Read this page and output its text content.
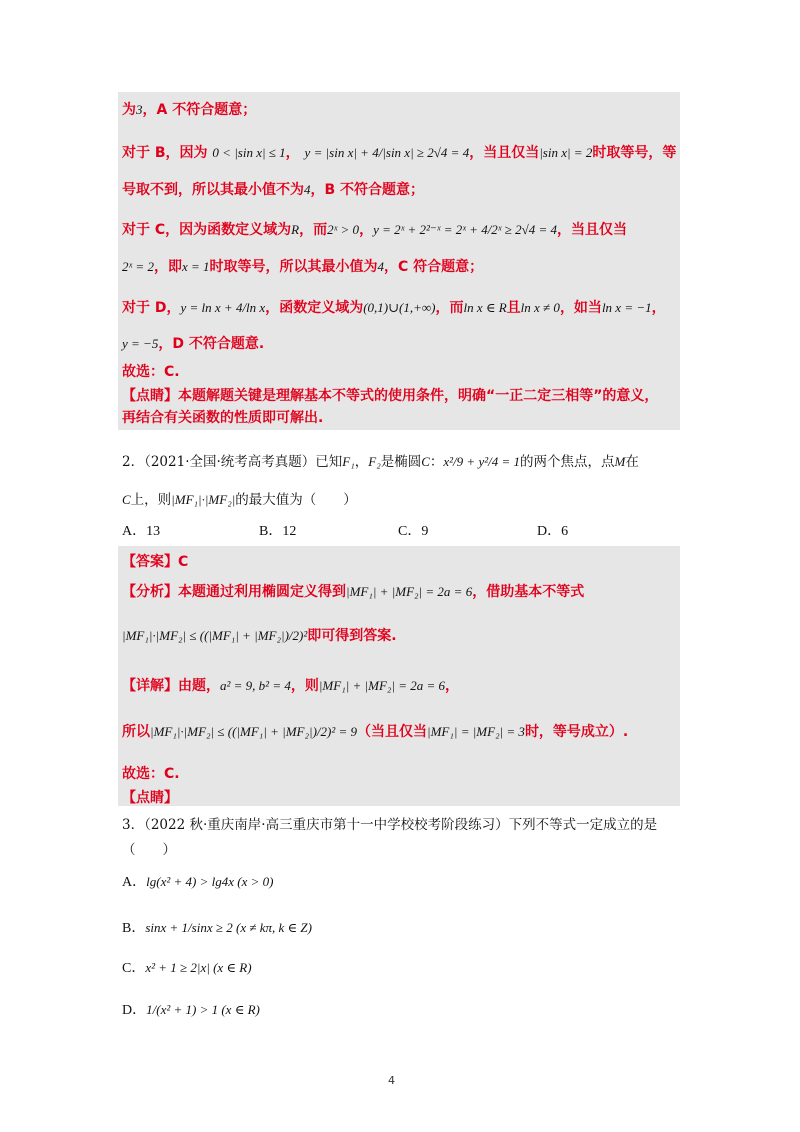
为3，A 不符合题意；
对于 B，因为 0 < |sin x| ≤ 1， y = |sin x| + 4/|sin x| ≥ 2√4 = 4，当且仅当|sin x| = 2时取等号，等
号取不到，所以其最小值不为4，B 不符合题意；
对于 C，因为函数定义域为R，而2ˣ > 0，y = 2ˣ + 2²⁻ˣ = 2ˣ + 4/2ˣ ≥ 2√4 = 4，当且仅当
2ˣ = 2，即x = 1时取等号，所以其最小值为4，C 符合题意；
对于 D，y = ln x + 4/ln x，函数定义域为(0,1)∪(1,+∞)，而ln x ∈ R且ln x ≠ 0，如当ln x = −1，
y = −5，D 不符合题意.
故选：C.
【点睛】本题解题关键是理解基本不等式的使用条件，明确“一正二定三相等”的意义，
再结合有关函数的性质即可解出.
2．（2021·全国·统考高考真题）已知F₁，F₂是椭圆C：x²/9 + y²/4 = 1的两个焦点，点M在
C上，则|MF₁|·|MF₂|的最大值为（　　）
A．13	B．12	C．9	D．6
【答案】C
【分析】本题通过利用椭圆定义得到|MF₁| + |MF₂| = 2a = 6，借助基本不等式
|MF₁|·|MF₂| ≤ ((|MF₁| + |MF₂|)/2)²即可得到答案.
【详解】由题，a² = 9, b² = 4，则|MF₁| + |MF₂| = 2a = 6，
所以|MF₁|·|MF₂| ≤ ((|MF₁| + |MF₂|)/2)² = 9（当且仅当|MF₁| = |MF₂| = 3时，等号成立）.
故选：C.
【点睛】
3．（2022 秋·重庆南岸·高三重庆市第十一中学校校考阶段练习）下列不等式一定成立的是
（　　）
A．lg(x² + 4) > lg4x (x > 0)
B．sinx + 1/sinx ≥ 2 (x ≠ kπ, k ∈ Z)
C．x² + 1 ≥ 2|x| (x ∈ R)
D．1/(x² + 1) > 1 (x ∈ R)
4
